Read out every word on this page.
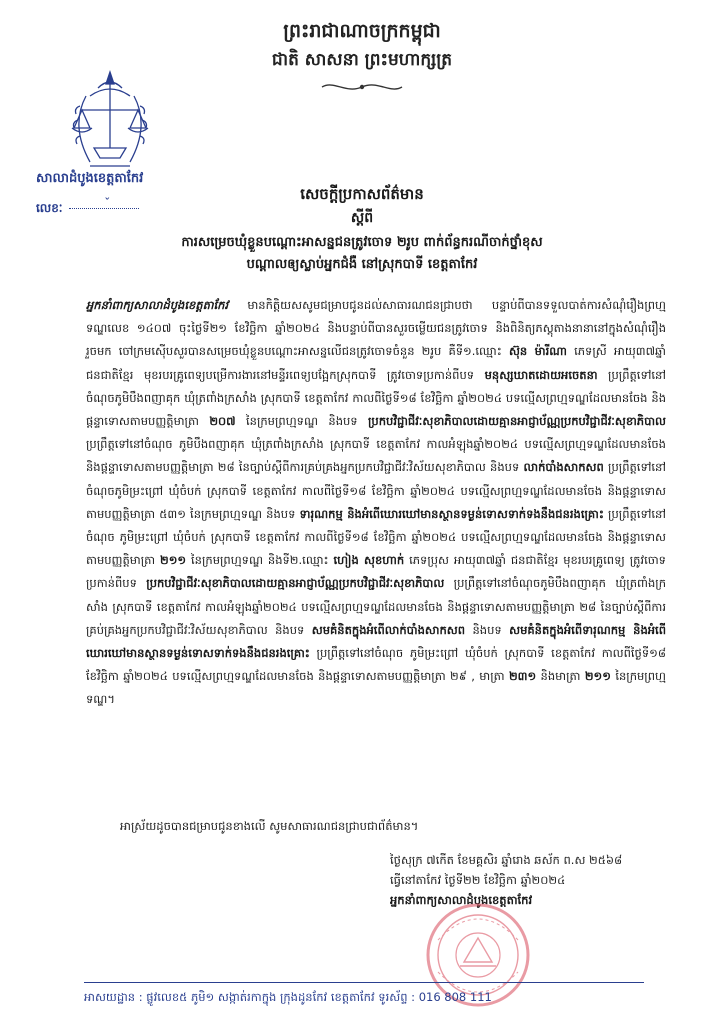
ព្រះរាជាណាចក្រកម្ពុជា
ជាតិ សាសនា ព្រះមហាក្សត្រ
សាលាដំបូងខេត្តតាកែវ
លេខៈ	ˇ	សេចក្ដីប្រកាសព័ត៌មាន
ស្ដីពី
ការសម្រេចឃុំខ្លួនបណ្ដោះអាសន្នជនត្រូវចោទ ២រូប ពាក់ព័ន្ធករណីចាក់ថ្នាំខុស
បណ្ដាលឲ្យស្លាប់អ្នកជំងឺ នៅស្រុកបាទី ខេត្តតាកែវ
អ្នកនាំពាក្យសាលាដំបូងខេត្តតាកែវ មានកិត្តិយសសូមជម្រាបជូនដល់សាធារណជនជ្រាបថា បន្ទាប់ពីបានទទួលបាត់ការសំណុំរឿងព្រហ្មទណ្ឌលេខ ១៤០៧ ចុះថ្ងៃទី២១ ខែវិច្ឆិកា ឆ្នាំ២០២៤ និងបន្ទាប់ពីបានសួរចម្លើយជនត្រូវចោទ និងពិនិត្យភស្តុតាងនានានៅក្នុងសំណុំរឿងរួចមក ចៅក្រមស៊ើបសួរបានសម្រេចឃុំខ្លួនបណ្ដោះអាសន្នលើជនត្រូវចោទចំនួន ២រូប គឺទី១.ឈ្មោះ ស៊ុន ម៉ារីណា ភេទស្រី អាយុ៣៧ឆ្នាំ ជនជាតិខ្មែរ មុខរបរគ្រូពេទ្យបម្រើការងារនៅមន្ទីរពេទ្យបង្អែកស្រុកបាទី ត្រូវចោទប្រកាន់ពីបទ មនុស្សឃាតដោយអចេតនា ប្រព្រឹត្តទៅនៅចំណុចភូមិបឹងពញាគុក ឃុំត្រពាំងក្រសាំង ស្រុកបាទី ខេត្តតាកែវ កាលពីថ្ងៃទី១៨ ខែវិច្ឆិកា ឆ្នាំ២០២៤ បទល្មើសព្រហ្មទណ្ឌដែលមានចែង និងផ្ដន្ទាទោសតាមបញ្ញត្តិមាត្រា ២០៧ នៃក្រមព្រហ្មទណ្ឌ និងបទ ប្រកបវិជ្ជាជីវៈសុខាភិបាលដោយគ្មានអាជ្ញាប័ណ្ណប្រកបវិជ្ជាជីវៈសុខាភិបាល ប្រព្រឹត្តទៅនៅចំណុច ភូមិបឹងពញាគុក ឃុំត្រពាំងក្រសាំង ស្រុកបាទី ខេត្តតាកែវ កាលអំឡុងឆ្នាំ២០២៤ បទល្មើសព្រហ្មទណ្ឌដែលមានចែង និងផ្ដន្ទាទោសតាមបញ្ញត្តិមាត្រា ២៨ នៃច្បាប់ស្ដីពីការគ្រប់គ្រងអ្នកប្រកបវិជ្ជាជីវៈវិស័យសុខាភិបាល និងបទ លាក់បាំងសាកសព ប្រព្រឹត្តទៅនៅចំណុចភូមិម្រះព្រៅ ឃុំចំបក់ ស្រុកបាទី ខេត្តតាកែវ កាលពីថ្ងៃទី១៨ ខែវិច្ឆិកា ឆ្នាំ២០២៤ បទល្មើសព្រហ្មទណ្ឌដែលមានចែង និងផ្ដន្ទាទោសតាមបញ្ញត្តិមាត្រា ៥៣១ នៃក្រមព្រហ្មទណ្ឌ និងបទ ទារុណកម្ម និងអំពើឃោរឃៅមានស្ថានទម្ងន់ទោសទាក់ទងនឹងជនរងគ្រោះ ប្រព្រឹត្តទៅនៅចំណុច ភូមិម្រះព្រៅ ឃុំចំបក់ ស្រុកបាទី ខេត្តតាកែវ កាលពីថ្ងៃទី១៨ ខែវិច្ឆិកា ឆ្នាំ២០២៤ បទល្មើសព្រហ្មទណ្ឌដែលមានចែង និងផ្ដន្ទាទោសតាមបញ្ញត្តិមាត្រា ២១១ នៃក្រមព្រហ្មទណ្ឌ និងទី២.ឈ្មោះ ហៀង សុខហាក់ ភេទប្រុស អាយុ៣៧ឆ្នាំ ជនជាតិខ្មែរ មុខរបរគ្រូពេទ្យ ត្រូវចោទប្រកាន់ពីបទ ប្រកបវិជ្ជាជីវៈសុខាភិបាលដោយគ្មានអាជ្ញាប័ណ្ណប្រកបវិជ្ជាជីវៈសុខាភិបាល ប្រព្រឹត្តទៅនៅចំណុចភូមិបឹងពញាគុក ឃុំត្រពាំងក្រសាំង ស្រុកបាទី ខេត្តតាកែវ កាលអំឡុងឆ្នាំ២០២៤ បទល្មើសព្រហ្មទណ្ឌដែលមានចែង និងផ្ដន្ទាទោសតាមបញ្ញត្តិមាត្រា ២៨ នៃច្បាប់ស្ដីពីការគ្រប់គ្រងអ្នកប្រកបវិជ្ជាជីវៈវិស័យសុខាភិបាល និងបទ សមគំនិតក្នុងអំពើលាក់បាំងសាកសព និងបទ សមគំនិតក្នុងអំពើទារុណកម្ម និងអំពើឃោរឃៅមានស្ថានទម្ងន់ទោសទាក់ទងនឹងជនរងគ្រោះ ប្រព្រឹត្តទៅនៅចំណុច ភូមិម្រះព្រៅ ឃុំចំបក់ ស្រុកបាទី ខេត្តតាកែវ កាលពីថ្ងៃទី១៨ ខែវិច្ឆិកា ឆ្នាំ២០២៤ បទល្មើសព្រហ្មទណ្ឌដែលមានចែង និងផ្ដន្ទាទោសតាមបញ្ញត្តិមាត្រា ២៩ , មាត្រា ២៣១ និងមាត្រា ២១១ នៃក្រមព្រហ្មទណ្ឌ។
អាស្រ័យដូចបានជម្រាបជូនខាងលើ សូមសាធារណជនជ្រាបជាព័ត៌មាន។
ថ្ងៃសុក្រ ៧កើត ខែមគ្គសិរ ឆ្នាំរោង ឆស័ក ព.ស ២៥៦៨
ធ្វើនៅតាកែវ ថ្ងៃទី២២ ខែវិច្ឆិកា ឆ្នាំ២០២៤
អ្នកនាំពាក្យសាលាដំបូងខេត្តតាកែវ
អាសយដ្ឋាន : ផ្លូវលេខ៥ ភូមិ១ សង្កាត់រកាក្នុង ក្រុងដូនកែវ ខេត្តតាកែវ ទូរស័ព្ទ : 016 808 111
